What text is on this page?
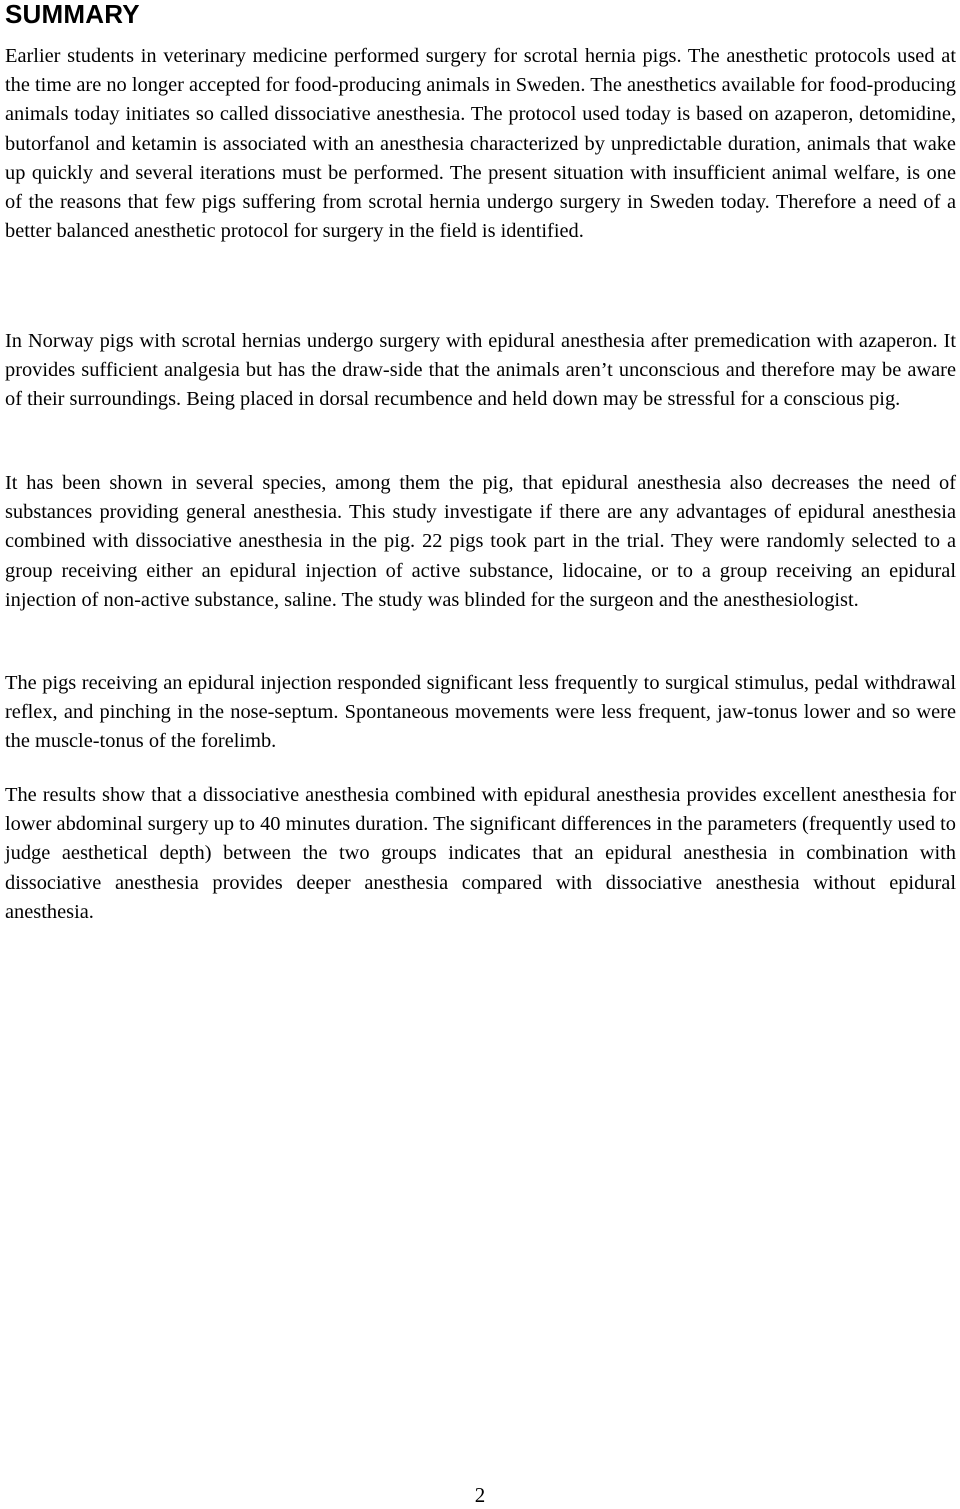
SUMMARY

Earlier students in veterinary medicine performed surgery for scrotal hernia pigs. The anesthetic protocols used at the time are no longer accepted for food-producing animals in Sweden. The anesthetics available for food-producing animals today initiates so called dissociative anesthesia. The protocol used today is based on azaperon, detomidine, butorfanol and ketamin is associated with an anesthesia characterized by unpredictable duration, animals that wake up quickly and several iterations must be performed. The present situation with insufficient animal welfare, is one of the reasons that few pigs suffering from scrotal hernia undergo surgery in Sweden today. Therefore a need of a better balanced anesthetic protocol for surgery in the field is identified.

In Norway pigs with scrotal hernias undergo surgery with epidural anesthesia after premedication with azaperon. It provides sufficient analgesia but has the draw-side that the animals aren’t unconscious and therefore may be aware of their surroundings. Being placed in dorsal recumbence and held down may be stressful for a conscious pig.

It has been shown in several species, among them the pig, that epidural anesthesia also decreases the need of substances providing general anesthesia. This study investigate if there are any advantages of epidural anesthesia combined with dissociative anesthesia in the pig. 22 pigs took part in the trial. They were randomly selected to a group receiving either an epidural injection of active substance, lidocaine, or to a group receiving an epidural injection of non-active substance, saline. The study was blinded for the surgeon and the anesthesiologist.

The pigs receiving an epidural injection responded significant less frequently to surgical stimulus, pedal withdrawal reflex, and pinching in the nose-septum. Spontaneous movements were less frequent, jaw-tonus lower and so were the muscle-tonus of the forelimb.

The results show that a dissociative anesthesia combined with epidural anesthesia provides excellent anesthesia for lower abdominal surgery up to 40 minutes duration. The significant differences in the parameters (frequently used to judge aesthetical depth) between the two groups indicates that an epidural anesthesia in combination with dissociative anesthesia provides deeper anesthesia compared with dissociative anesthesia without epidural anesthesia.

2
